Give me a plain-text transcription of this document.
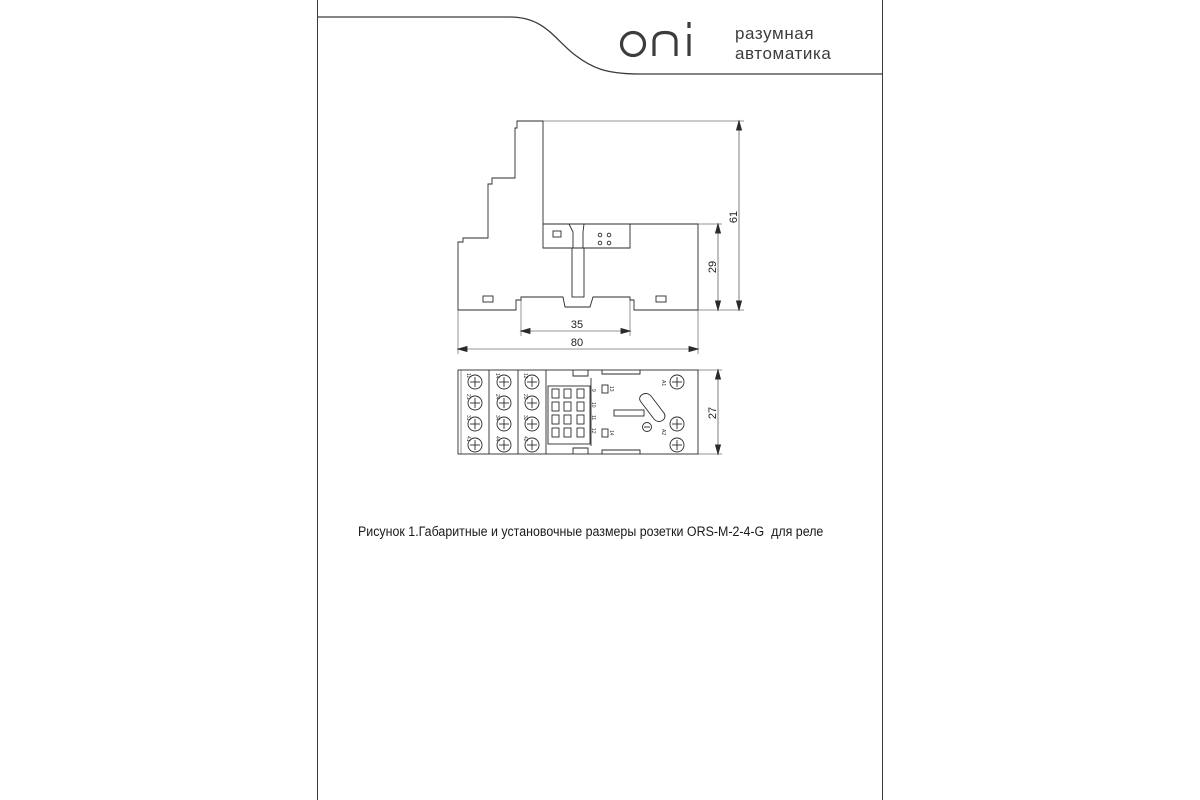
разумная
автоматика
61
29
35
80
27
11
21
31
41
14
24
34
44
12
22
32
42
A1
A2
9
10
11
12
13
14
Рисунок 1.Габаритные и установочные размеры розетки ORS-M-2-4-G  для реле
